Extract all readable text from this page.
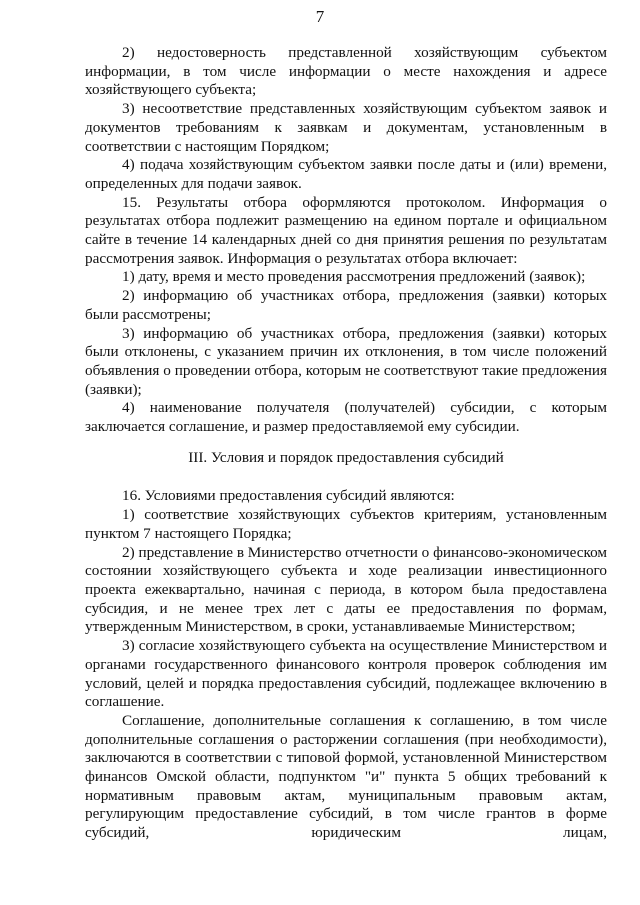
7

2) недостоверность представленной хозяйствующим субъектом информации, в том числе информации о месте нахождения и адресе хозяйствующего субъекта;

3) несоответствие представленных хозяйствующим субъектом заявок и документов требованиям к заявкам и документам, установленным в соответствии с настоящим Порядком;

4) подача хозяйствующим субъектом заявки после даты и (или) времени, определенных для подачи заявок.

15. Результаты отбора оформляются протоколом. Информация о результатах отбора подлежит размещению на едином портале и официальном сайте в течение 14 календарных дней со дня принятия решения по результатам рассмотрения заявок. Информация о результатах отбора включает:

1) дату, время и место проведения рассмотрения предложений (заявок);

2) информацию об участниках отбора, предложения (заявки) которых были рассмотрены;

3) информацию об участниках отбора, предложения (заявки) которых были отклонены, с указанием причин их отклонения, в том числе положений объявления о проведении отбора, которым не соответствуют такие предложения (заявки);

4) наименование получателя (получателей) субсидии, с которым заключается соглашение, и размер предоставляемой ему субсидии.

III. Условия и порядок предоставления субсидий

16. Условиями предоставления субсидий являются:

1) соответствие хозяйствующих субъектов критериям, установленным пунктом 7 настоящего Порядка;

2) представление в Министерство отчетности о финансово-экономическом состоянии хозяйствующего субъекта и ходе реализации инвестиционного проекта ежеквартально, начиная с периода, в котором была предоставлена субсидия, и не менее трех лет с даты ее предоставления по формам, утвержденным Министерством, в сроки, устанавливаемые Министерством;

3) согласие хозяйствующего субъекта на осуществление Министерством и органами государственного финансового контроля проверок соблюдения им условий, целей и порядка предоставления субсидий, подлежащее включению в соглашение.

Соглашение, дополнительные соглашения к соглашению, в том числе дополнительные соглашения о расторжении соглашения (при необходимости), заключаются в соответствии с типовой формой, установленной Министерством финансов Омской области, подпунктом "и" пункта 5 общих требований к нормативным правовым актам, муниципальным правовым актам, регулирующим предоставление субсидий, в том числе грантов в форме субсидий, юридическим лицам,
